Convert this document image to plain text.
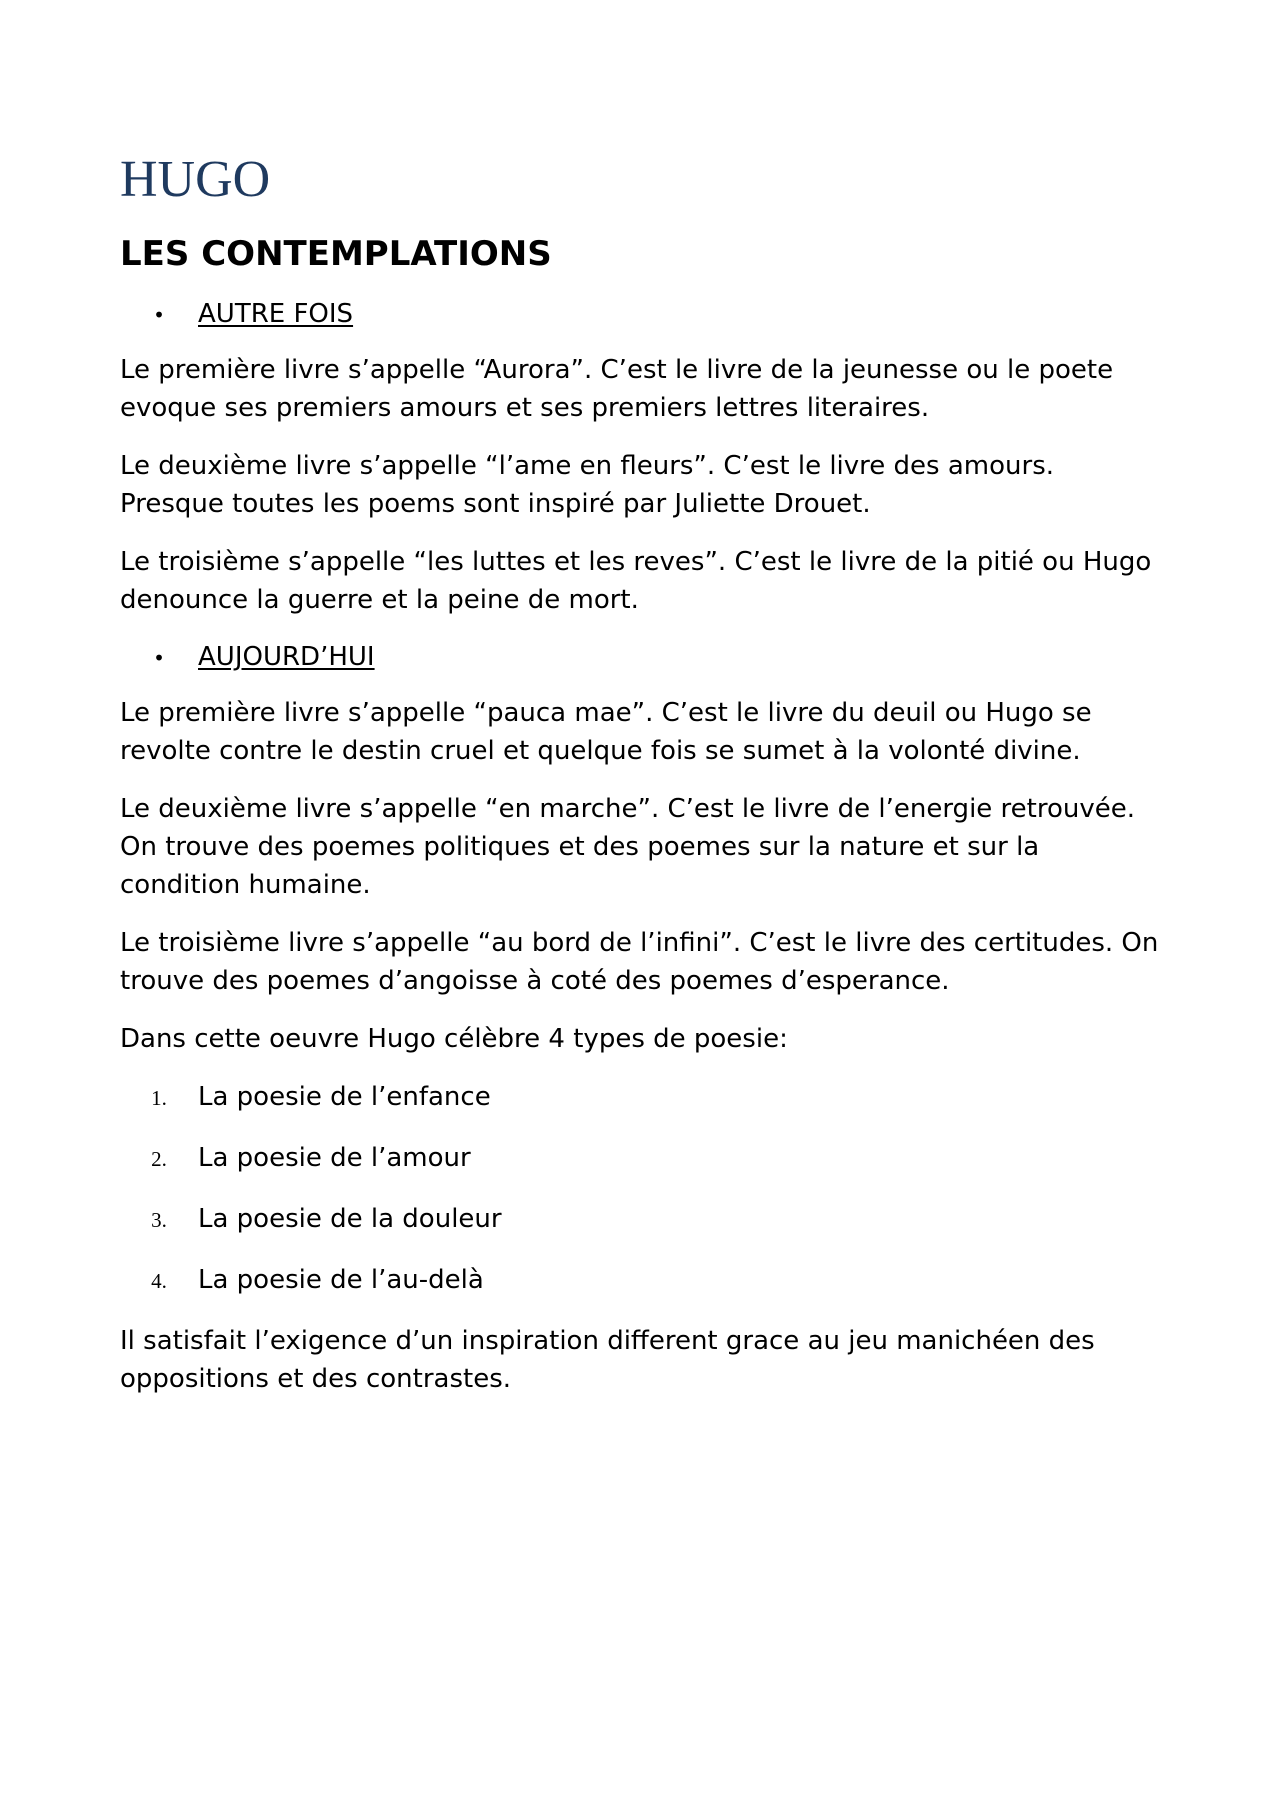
HUGO
LES CONTEMPLATIONS
•	AUTRE FOIS

Le première livre s’appelle “Aurora”. C’est le livre de la jeunesse ou le poete evoque ses premiers amours et ses premiers lettres literaires.

Le deuxième livre s’appelle “l’ame en fleurs”. C’est le livre des amours. Presque toutes les poems sont inspiré par Juliette Drouet.

Le troisième s’appelle “les luttes et les reves”. C’est le livre de la pitié ou Hugo denounce la guerre et la peine de mort.

•	AUJOURD’HUI

Le première livre s’appelle “pauca mae”. C’est le livre du deuil ou Hugo se revolte contre le destin cruel et quelque fois se sumet à la volonté divine.

Le deuxième livre s’appelle “en marche”. C’est le livre de l’energie retrouvée. On trouve des poemes politiques et des poemes sur la nature et sur la condition humaine.

Le troisième livre s’appelle “au bord de l’infini”. C’est le livre des certitudes. On trouve des poemes d’angoisse à coté des poemes d’esperance.

Dans cette oeuvre Hugo célèbre 4 types de poesie:

1.	La poesie de l’enfance
2.	La poesie de l’amour
3.	La poesie de la douleur
4.	La poesie de l’au-delà

Il satisfait l’exigence d’un inspiration different grace au jeu manichéen des oppositions et des contrastes.
